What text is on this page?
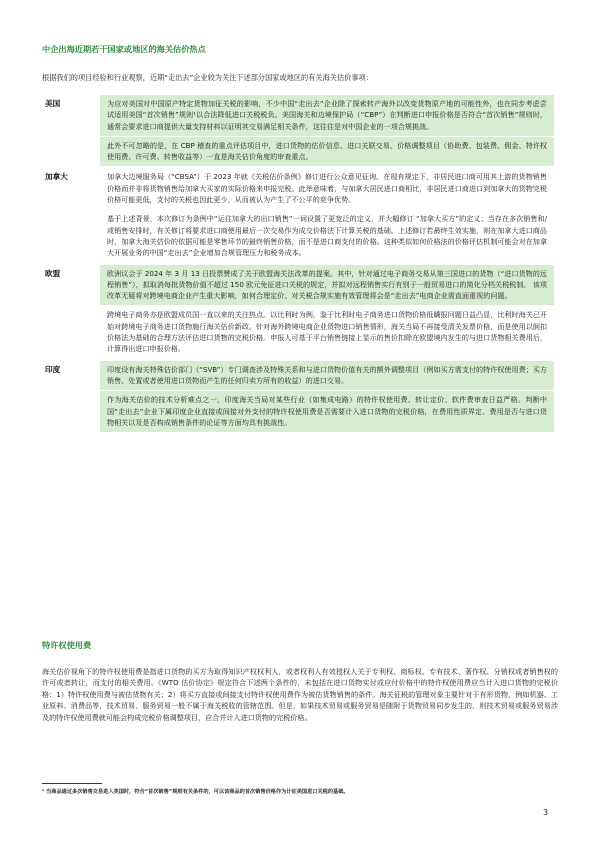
中企出海近期若干国家或地区的海关估价热点
根据我们的项目经验和行业观察，近期“走出去”企业较为关注下述部分国家或地区的有关海关估价事项：
美国	为应对美国对中国原产特定货物加征关税的影响，不少中国“走出去”企业除了探索转产海外以改变货物原产地的可能性外，也在同步考虑尝试适用美国“首次销售”规则¹以合法降低进口关税税负。美国海关和边境保护局（“CBP”）在判断进口申报价格是否符合“首次销售”规则时，通常会要求进口商提供大量支持材料以证明其交易满足相关条件，这往往是对中国企业的一项合规挑战。
此外不可忽略的是，在 CBP 稽查的重点评估项目中，进口货物的估价信息、进口关联交易、价格调整项目（协助费、包装费、佣金、特许权使用费、许可费、转售收益等）一直是海关估价角度的审查重点。
加拿大	加拿大边境服务局（“CBSA”）于 2023 年就《关税估价条例》修订进行公众意见征询。在现有规定下，非居民进口商可用其上游的货物销售价格而并非将货物销售给加拿大买家的实际价格来申报完税。此举意味着，与加拿大居民进口商相比，非居民进口商进口到加拿大的货物完税价格可能更低，支付的关税也因此更少，从而被认为产生了不公平的竞争优势。
基于上述背景，本次修订为条例中“运往加拿大的出口销售”一词设置了更宽泛的定义，并大幅修订 “加拿大买方”的定义；当存在多次销售和/或销售安排时，有关修订将要求进口商使用最后一次交易作为成交价格法下计算关税的基础。上述修订若最终生效实施，则在加拿大进口商品时，加拿大海关估价的依据可能是零售环节的最终销售价格，而不是进口商支付的价格。这种类似如何价格法的价格评估机制可能会对在加拿大开展业务的中国“走出去”企业增加合规管理压力和税务成本。
欧盟	欧洲议会于 2024 年 3 月 13 日投票赞成了关于欧盟海关法改革的提案。其中，针对通过电子商务交易从第三国进口的货物（“进口货物的远程销售”），拟取消每批货物价值不超过 150 欧元免征进口关税的规定，并拟对远程销售实行有别于一般贸易进口的简化分档关税税制。 该项改革无疑将对跨境电商企业产生重大影响，如何合理定价、对关税合规实施有效管理将会是“走出去”电商企业需直面重视的问题。
跨境电子商务亦是欧盟成员国一直以来的关注热点。以比利时为例，鉴于比利时电子商务进口货物价格低瞒报问题日益凸显，比利时海关已开始对跨境电子商务进口货物施行海关估价新政。针对海外跨境电商企业货物进口销售情形，海关当局不再接受清关发票价格，而是使用以倒扣价格法为基础的合理方法评估进口货物的完税价格。申报人可基于平台销售链接上显示的售价扣除在欧盟境内发生的与进口货物相关费用后，计算得出进口申报价格。
印度	印度设有海关特殊估价部门（“SVB”）专门调查涉及特殊关系和与进口货物价值有关的额外调整项目（例如买方需支付的特许权使用费；买方销售、处置或者使用进口货物而产生的任何归卖方所有的收益）的进口交易。
作为海关估价的技术分析难点之一，印度海关当局对某些行业（如集成电路）的特许权使用费、转让定价、软件费审查日益严格。判断中国“走出去”企业下属印度企业直接或间接对外支付的特许权使用费是否需要计入进口货物的完税价格，在费用性质界定、费用是否与进口货物相关以及是否构成销售条件的论证等方面均具有挑战性。
特许权使用费
海关估价视角下的特许权使用费是指进口货物的买方为取得知识产权权利人，或者权利人有效授权人关于专利权、商标权、专有技术、著作权、分销权或者销售权的许可或者转让，而支付的相关费用。《WTO 估价协定》规定符合下述两个条件的，未包括在进口货物实付或应付价格中的特许权使用费应当计入进口货物的完税价格：1）特许权使用费与被估货物有关；2）将买方直接或间接支付特许权使用费作为被估货物销售的条件。海关征税的管理对象主要针对于有形货物，例如机器、工业原料、消费品等，技术贸易、服务贸易一般不属于海关税收的管辖范围。但是，如果技术贸易或服务贸易是随附于货物贸易同步发生的，则技术贸易或服务贸易涉及的特许权使用费就可能会构成完税价格调整项目，应合并计入进口货物的完税价格。
¹ 当商品通过多次销售交易进入美国时，符合“首次销售”规则有关条件的，可以该商品的首次销售价格作为计征美国进口关税的基础。
3
